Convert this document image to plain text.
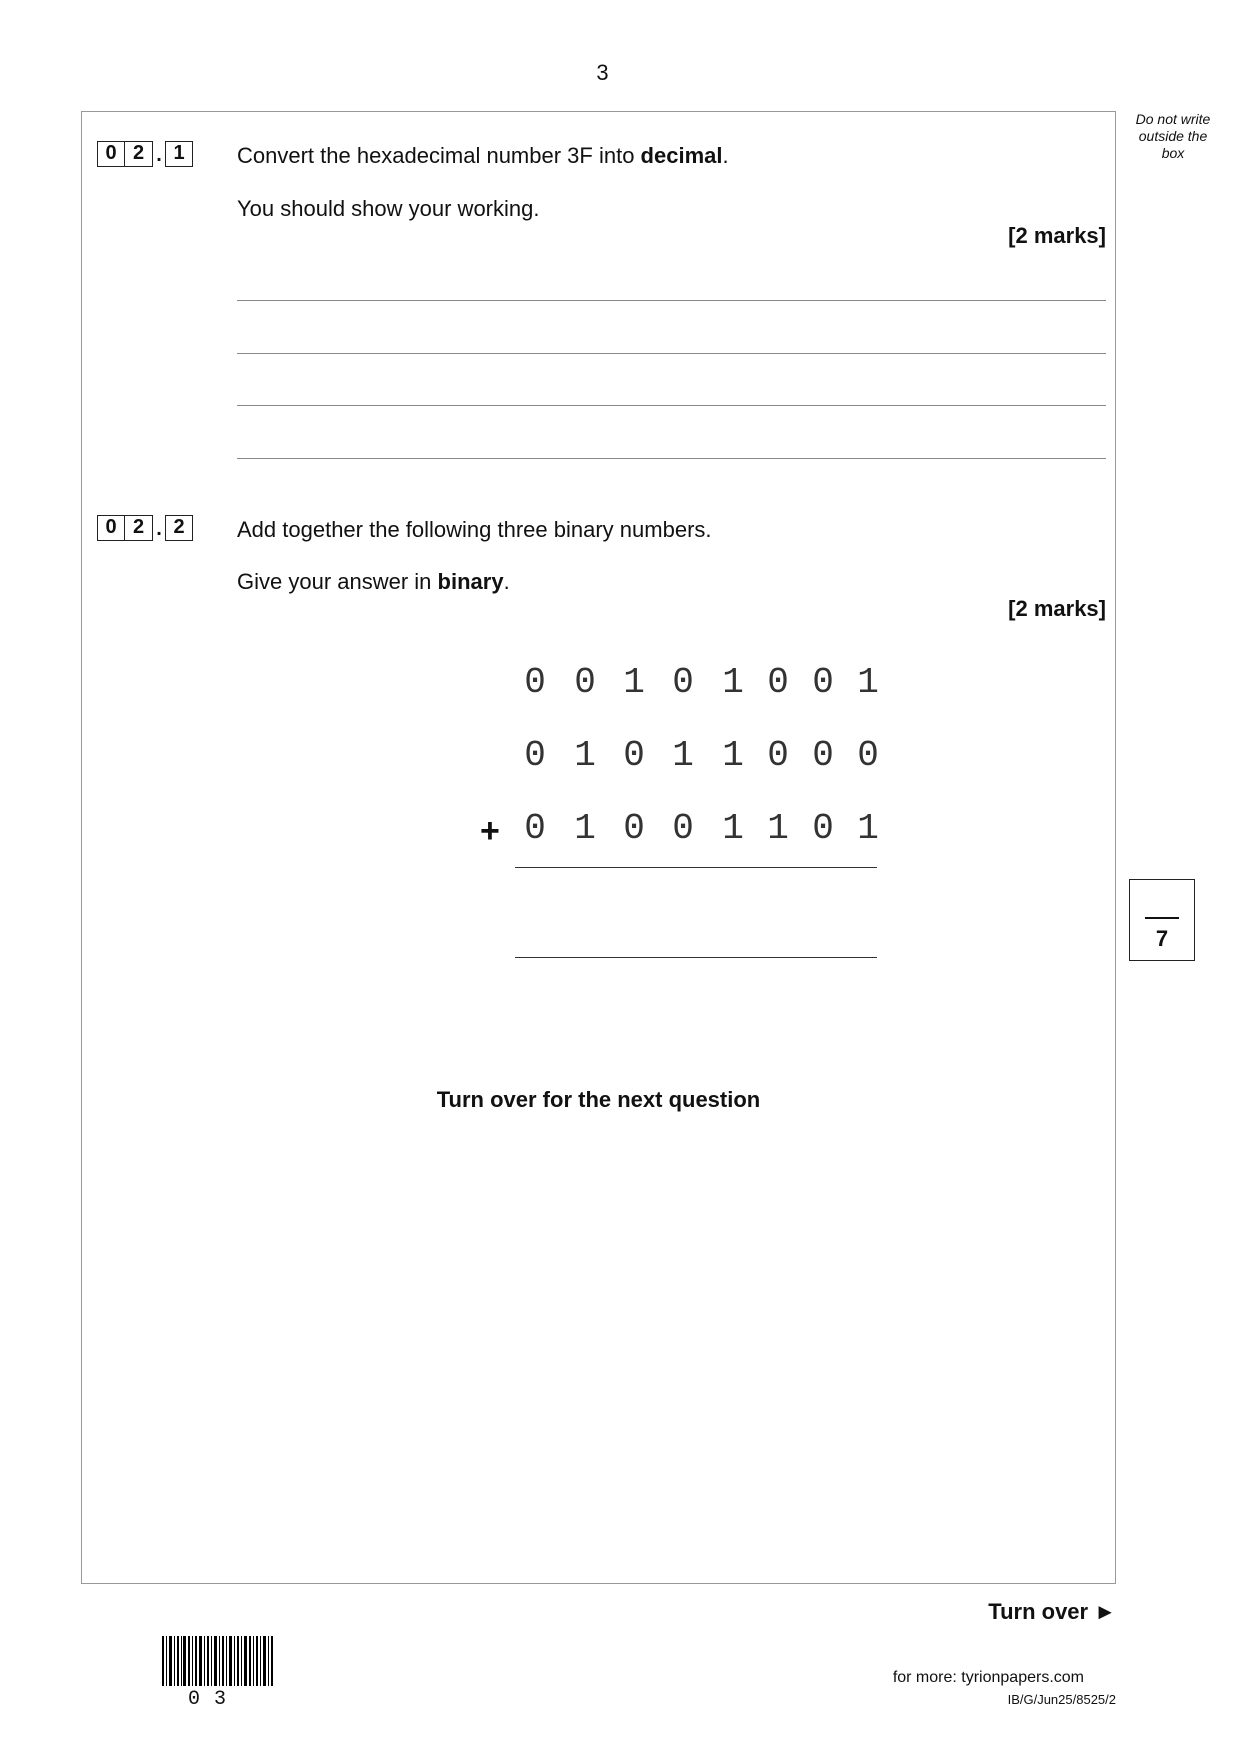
3
Do not write outside the box
0 2 . 1	Convert the hexadecimal number 3F into decimal.
You should show your working.
[2 marks]
0 2 . 2	Add together the following three binary numbers.
Give your answer in binary.
[2 marks]
0 0 1 0 1 0 0 1
0 1 0 1 1 0 0 0
+ 0 1 0 0 1 1 0 1
7
Turn over for the next question
Turn over ►
03
for more: tyrionpapers.com
IB/G/Jun25/8525/2
